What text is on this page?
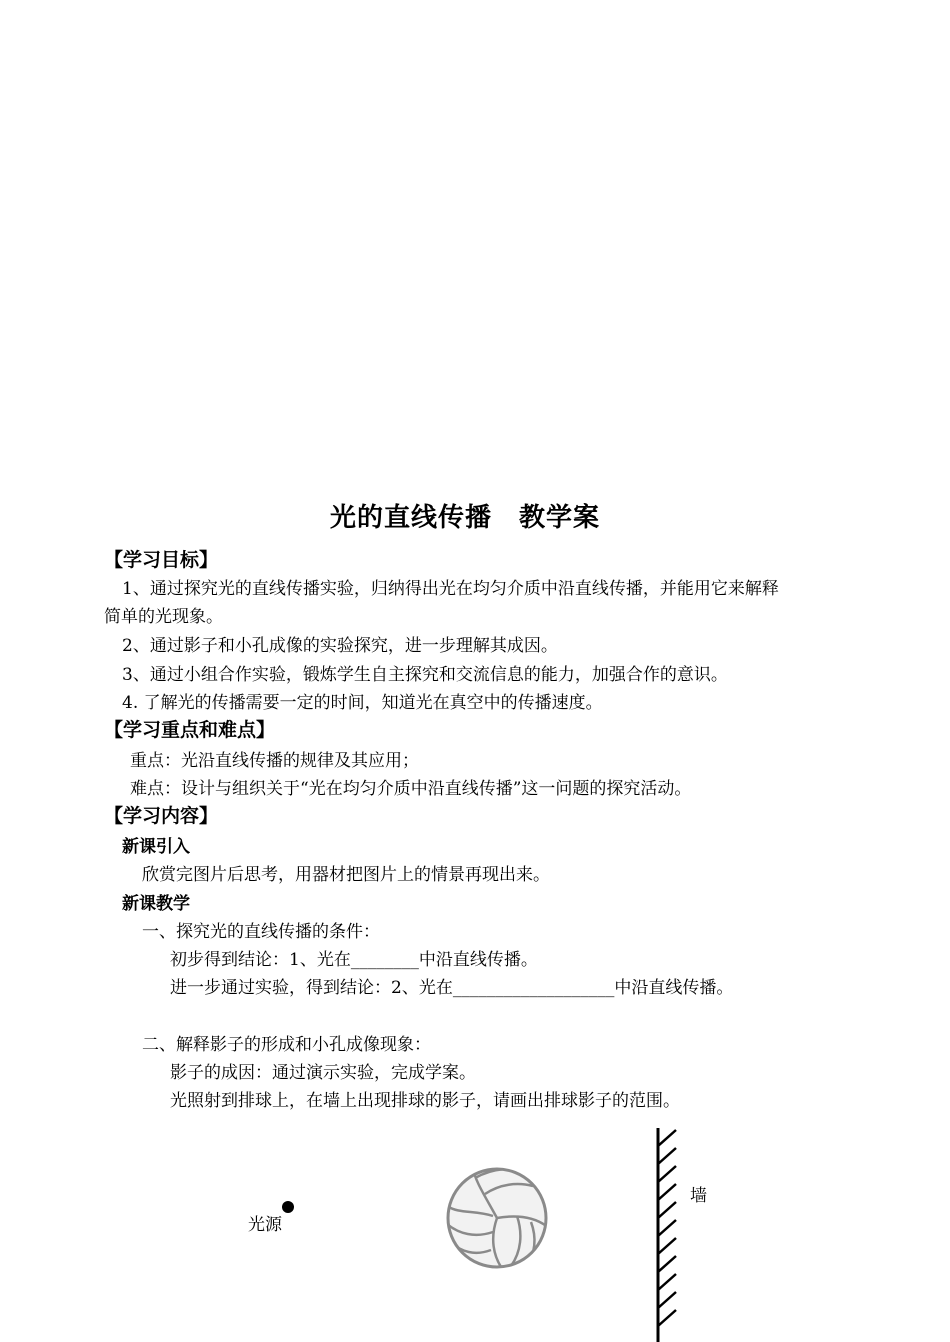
光的直线传播　教学案
【学习目标】
1、通过探究光的直线传播实验，归纳得出光在均匀介质中沿直线传播，并能用它来解释
简单的光现象。
2、通过影子和小孔成像的实验探究，进一步理解其成因。
3、通过小组合作实验，锻炼学生自主探究和交流信息的能力，加强合作的意识。
4. 了解光的传播需要一定的时间，知道光在真空中的传播速度。
【学习重点和难点】
重点：光沿直线传播的规律及其应用；
难点：设计与组织关于“光在均匀介质中沿直线传播”这一问题的探究活动。
【学习内容】
新课引入
欣赏完图片后思考，用器材把图片上的情景再现出来。
新课教学
一、探究光的直线传播的条件：
初步得到结论：1、光在________中沿直线传播。
进一步通过实验，得到结论：2、光在___________________中沿直线传播。
二、解释影子的形成和小孔成像现象：
影子的成因：通过演示实验，完成学案。
光照射到排球上，在墙上出现排球的影子，请画出排球影子的范围。
光源
墙
